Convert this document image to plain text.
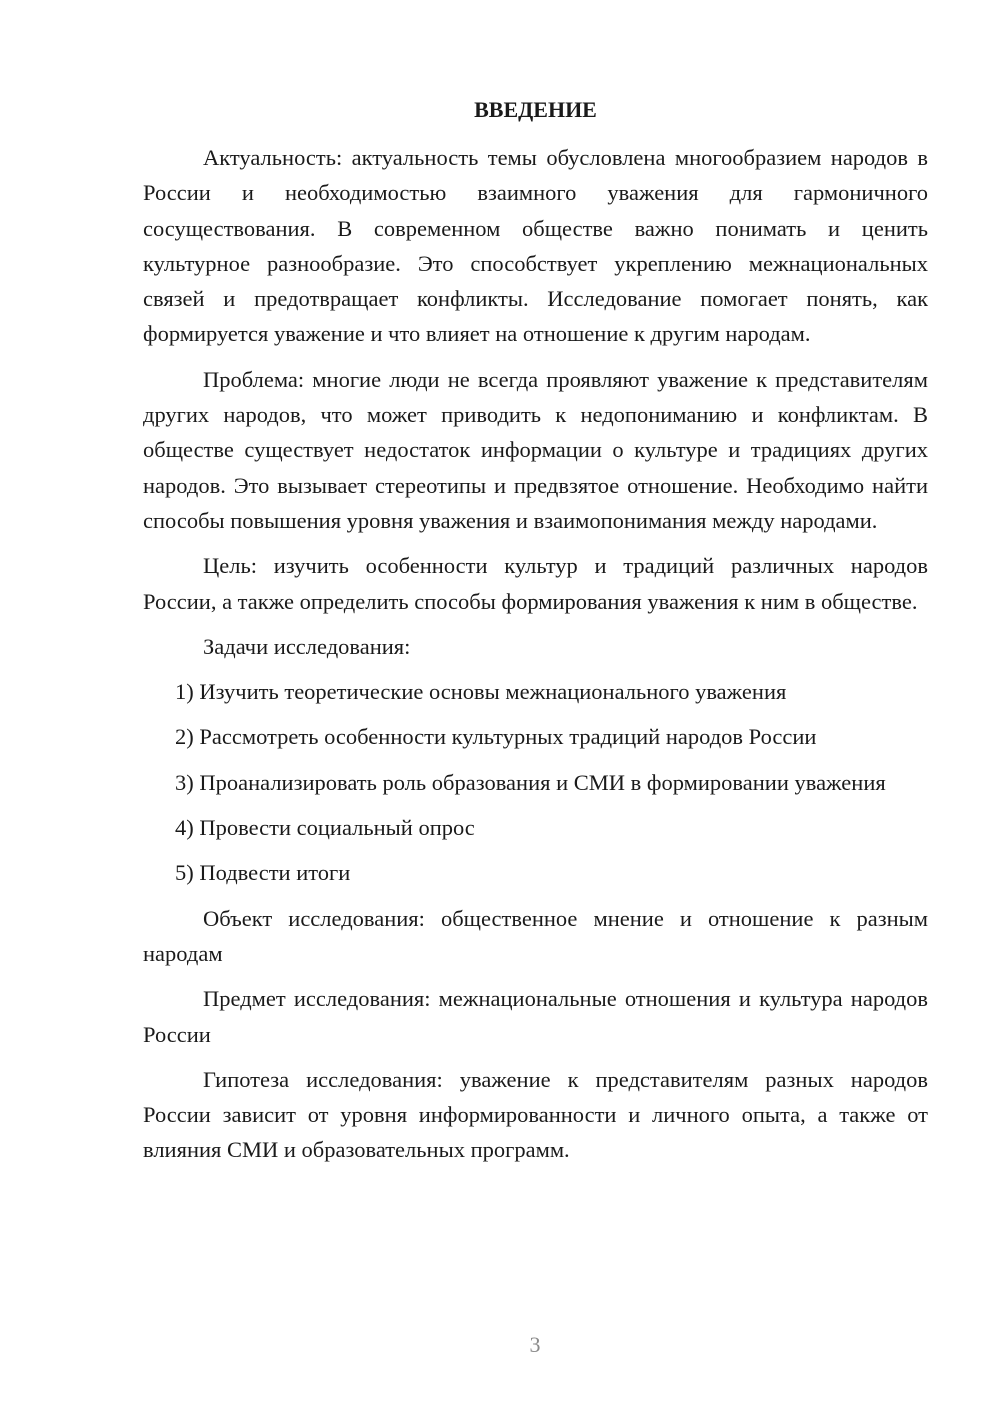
ВВЕДЕНИЕ

Актуальность: актуальность темы обусловлена многообразием народов в России и необходимостью взаимного уважения для гармоничного сосуществования. В современном обществе важно понимать и ценить культурное разнообразие. Это способствует укреплению межнациональных связей и предотвращает конфликты. Исследование помогает понять, как формируется уважение и что влияет на отношение к другим народам.

Проблема: многие люди не всегда проявляют уважение к представителям других народов, что может приводить к недопониманию и конфликтам. В обществе существует недостаток информации о культуре и традициях других народов. Это вызывает стереотипы и предвзятое отношение. Необходимо найти способы повышения уровня уважения и взаимопонимания между народами.

Цель: изучить особенности культур и традиций различных народов России, а также определить способы формирования уважения к ним в обществе.

Задачи исследования:

1) Изучить теоретические основы межнационального уважения

2) Рассмотреть особенности культурных традиций народов России

3) Проанализировать роль образования и СМИ в формировании уважения

4) Провести социальный опрос

5) Подвести итоги

Объект исследования: общественное мнение и отношение к разным народам

Предмет исследования: межнациональные отношения и культура народов России

Гипотеза исследования: уважение к представителям разных народов России зависит от уровня информированности и личного опыта, а также от влияния СМИ и образовательных программ.

3
